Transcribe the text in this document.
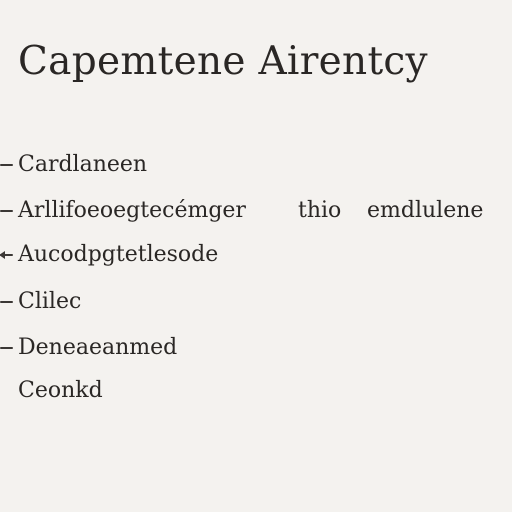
Capemtene Airentcy
Cardlaneen
Arllifoeoegtecémger thio emdlulene
Aucodpgtetlesode
Clilec
Deneaeanmed
Ceonkd
